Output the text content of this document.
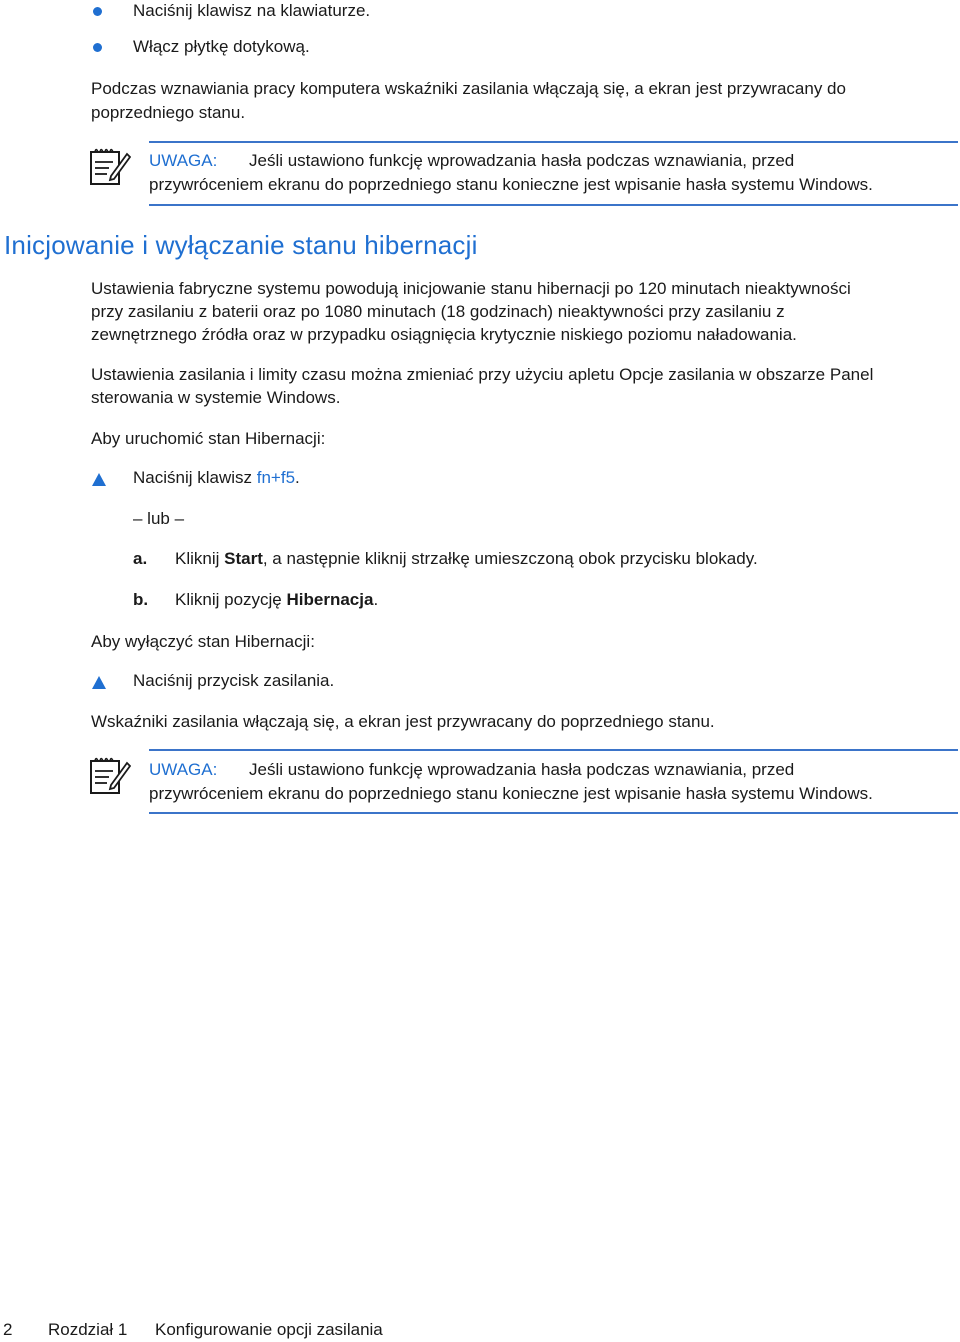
Naciśnij klawisz na klawiaturze.
Włącz płytkę dotykową.
Podczas wznawiania pracy komputera wskaźniki zasilania włączają się, a ekran jest przywracany do
poprzedniego stanu.
UWAGA: Jeśli ustawiono funkcję wprowadzania hasła podczas wznawiania, przed
przywróceniem ekranu do poprzedniego stanu konieczne jest wpisanie hasła systemu Windows.
Inicjowanie i wyłączanie stanu hibernacji
Ustawienia fabryczne systemu powodują inicjowanie stanu hibernacji po 120 minutach nieaktywności
przy zasilaniu z baterii oraz po 1080 minutach (18 godzinach) nieaktywności przy zasilaniu z
zewnętrznego źródła oraz w przypadku osiągnięcia krytycznie niskiego poziomu naładowania.
Ustawienia zasilania i limity czasu można zmieniać przy użyciu apletu Opcje zasilania w obszarze Panel
sterowania w systemie Windows.
Aby uruchomić stan Hibernacji:
Naciśnij klawisz fn+f5.
– lub –
a. Kliknij Start, a następnie kliknij strzałkę umieszczoną obok przycisku blokady.
b. Kliknij pozycję Hibernacja.
Aby wyłączyć stan Hibernacji:
Naciśnij przycisk zasilania.
Wskaźniki zasilania włączają się, a ekran jest przywracany do poprzedniego stanu.
UWAGA: Jeśli ustawiono funkcję wprowadzania hasła podczas wznawiania, przed
przywróceniem ekranu do poprzedniego stanu konieczne jest wpisanie hasła systemu Windows.
2 Rozdział 1 Konfigurowanie opcji zasilania
